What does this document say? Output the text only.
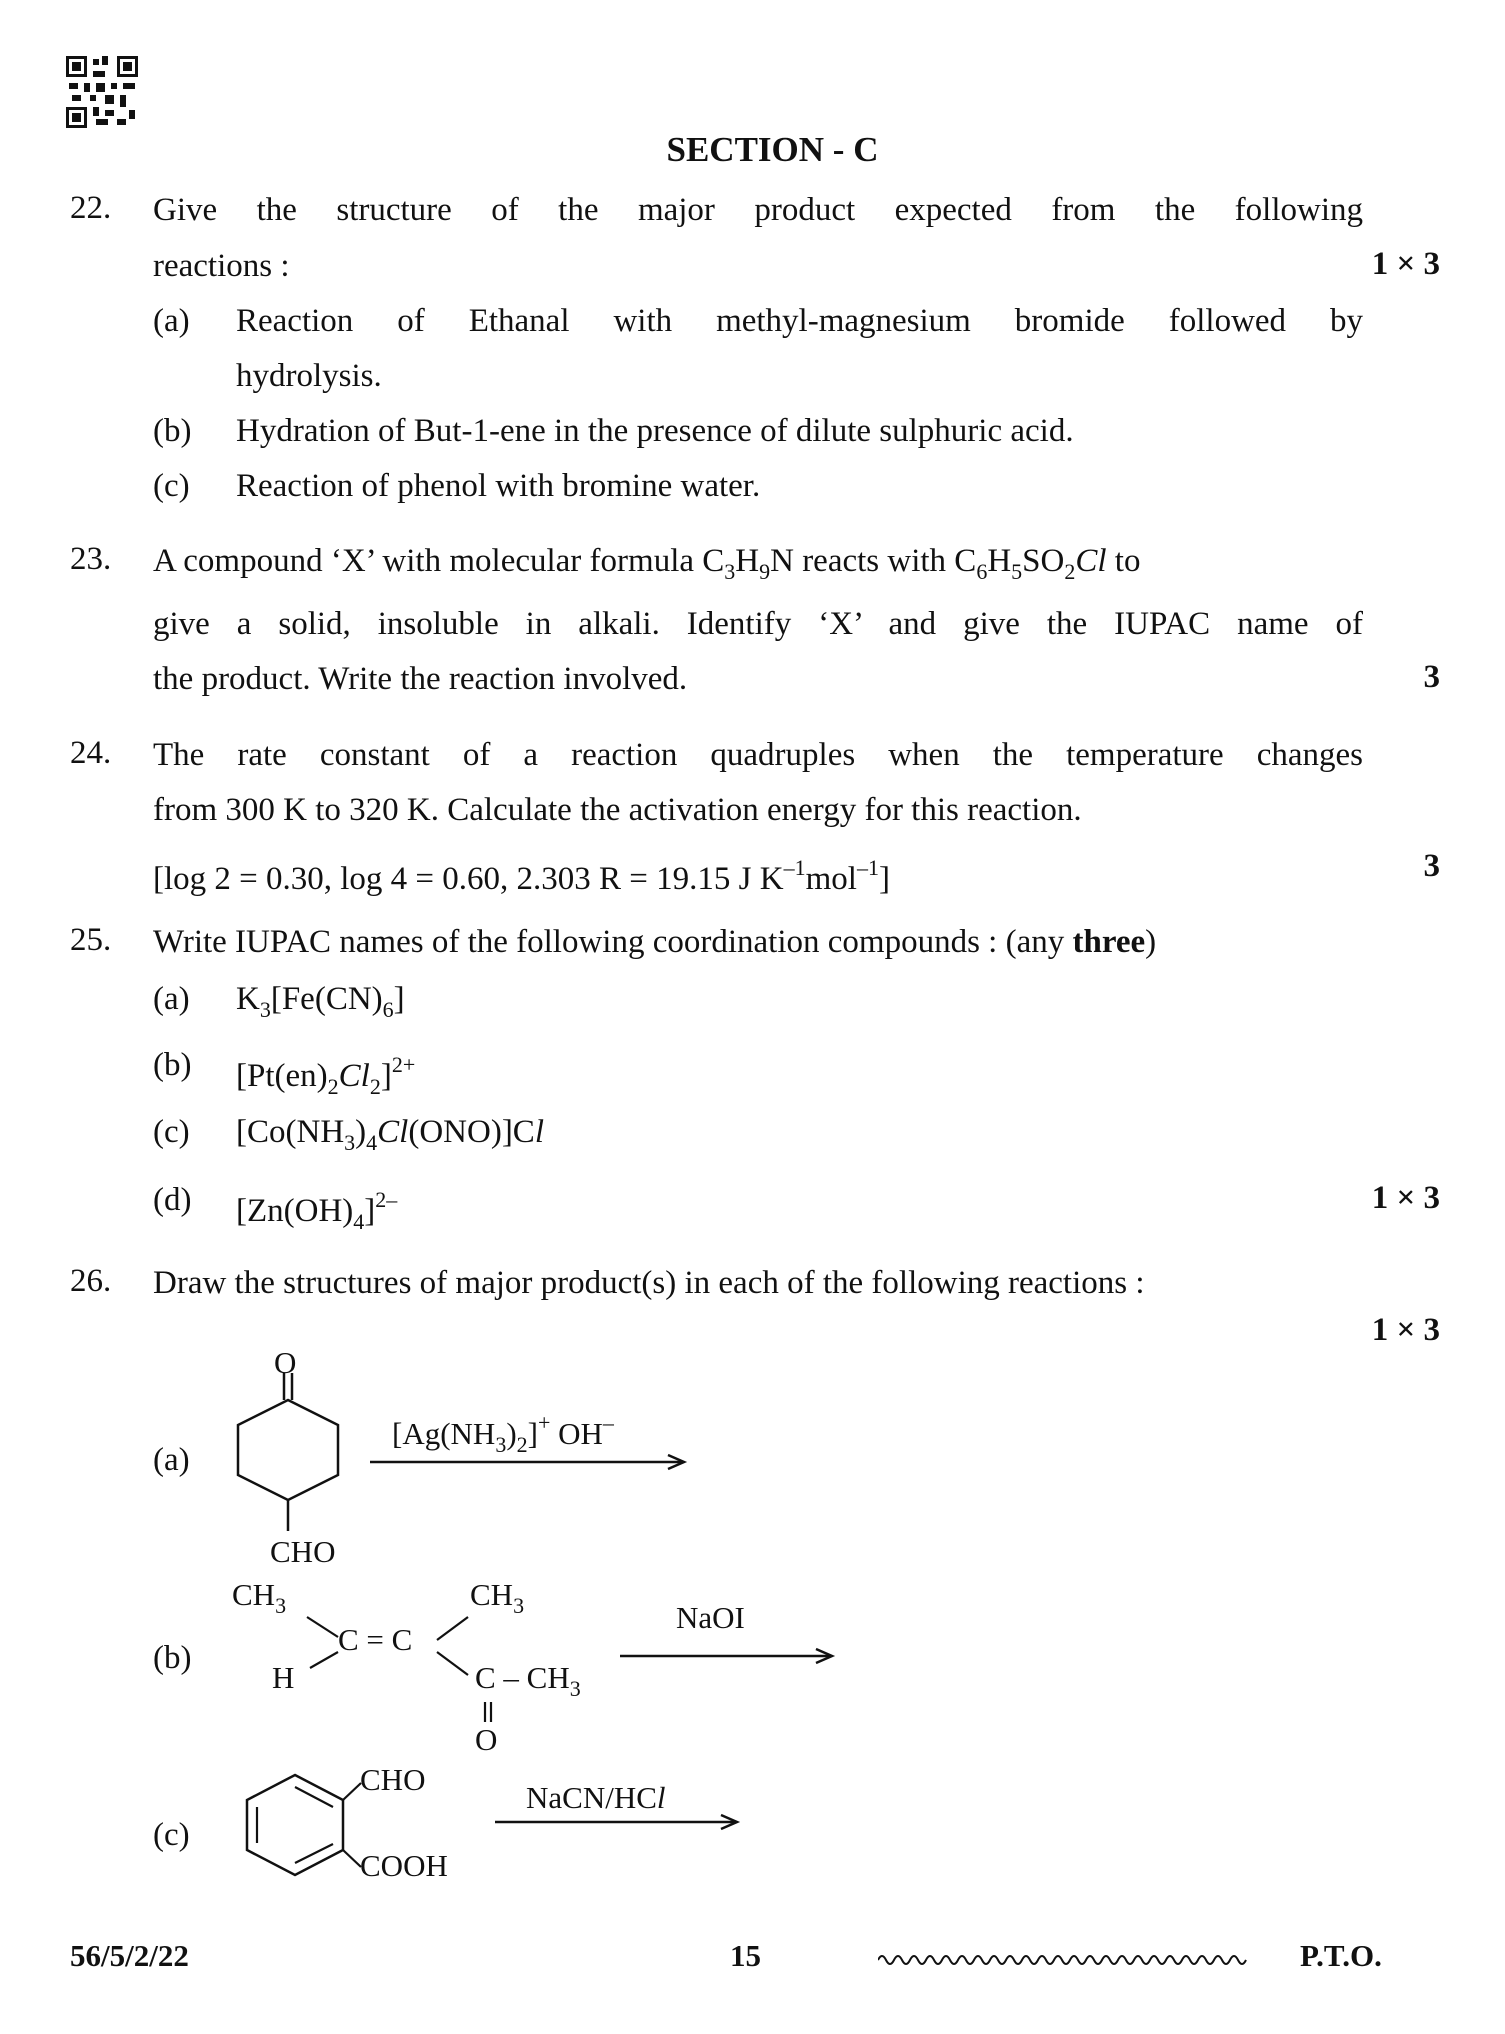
SECTION - C
22. Give the structure of the major product expected from the following
reactions :	1 × 3
(a) Reaction of Ethanal with methyl-magnesium bromide followed by
hydrolysis.
(b) Hydration of But-1-ene in the presence of dilute sulphuric acid.
(c) Reaction of phenol with bromine water.
23. A compound ‘X’ with molecular formula $C_3H_9N$ reacts with $C_6H_5SO_2Cl$ to
give a solid, insoluble in alkali. Identify ‘X’ and give the IUPAC name of
the product. Write the reaction involved.	3
24. The rate constant of a reaction quadruples when the temperature changes
from 300 K to 320 K. Calculate the activation energy for this reaction.
[log 2 = 0.30, log 4 = 0.60, 2.303 R = 19.15 J $K^{-1}mol^{-1}$]	3
25. Write IUPAC names of the following coordination compounds : (any three)
(a) $K_3[Fe(CN)_6]$
(b) $[Pt(en)_2Cl_2]^{2+}$
(c) $[Co(NH_3)_4Cl(ONO)]Cl$
(d) $[Zn(OH)_4]^{2-}$	1 × 3
26. Draw the structures of major product(s) in each of the following reactions :
1 × 3
(a)
O
CHO
$[Ag(NH_3)_2]^+$ OH–
(b)
$CH_3$
H
C = C
$CH_3$
C – $CH_3$
O
NaOI
(c)
CHO
COOH
NaCN/HCl
56/5/2/22	15	P.T.O.
